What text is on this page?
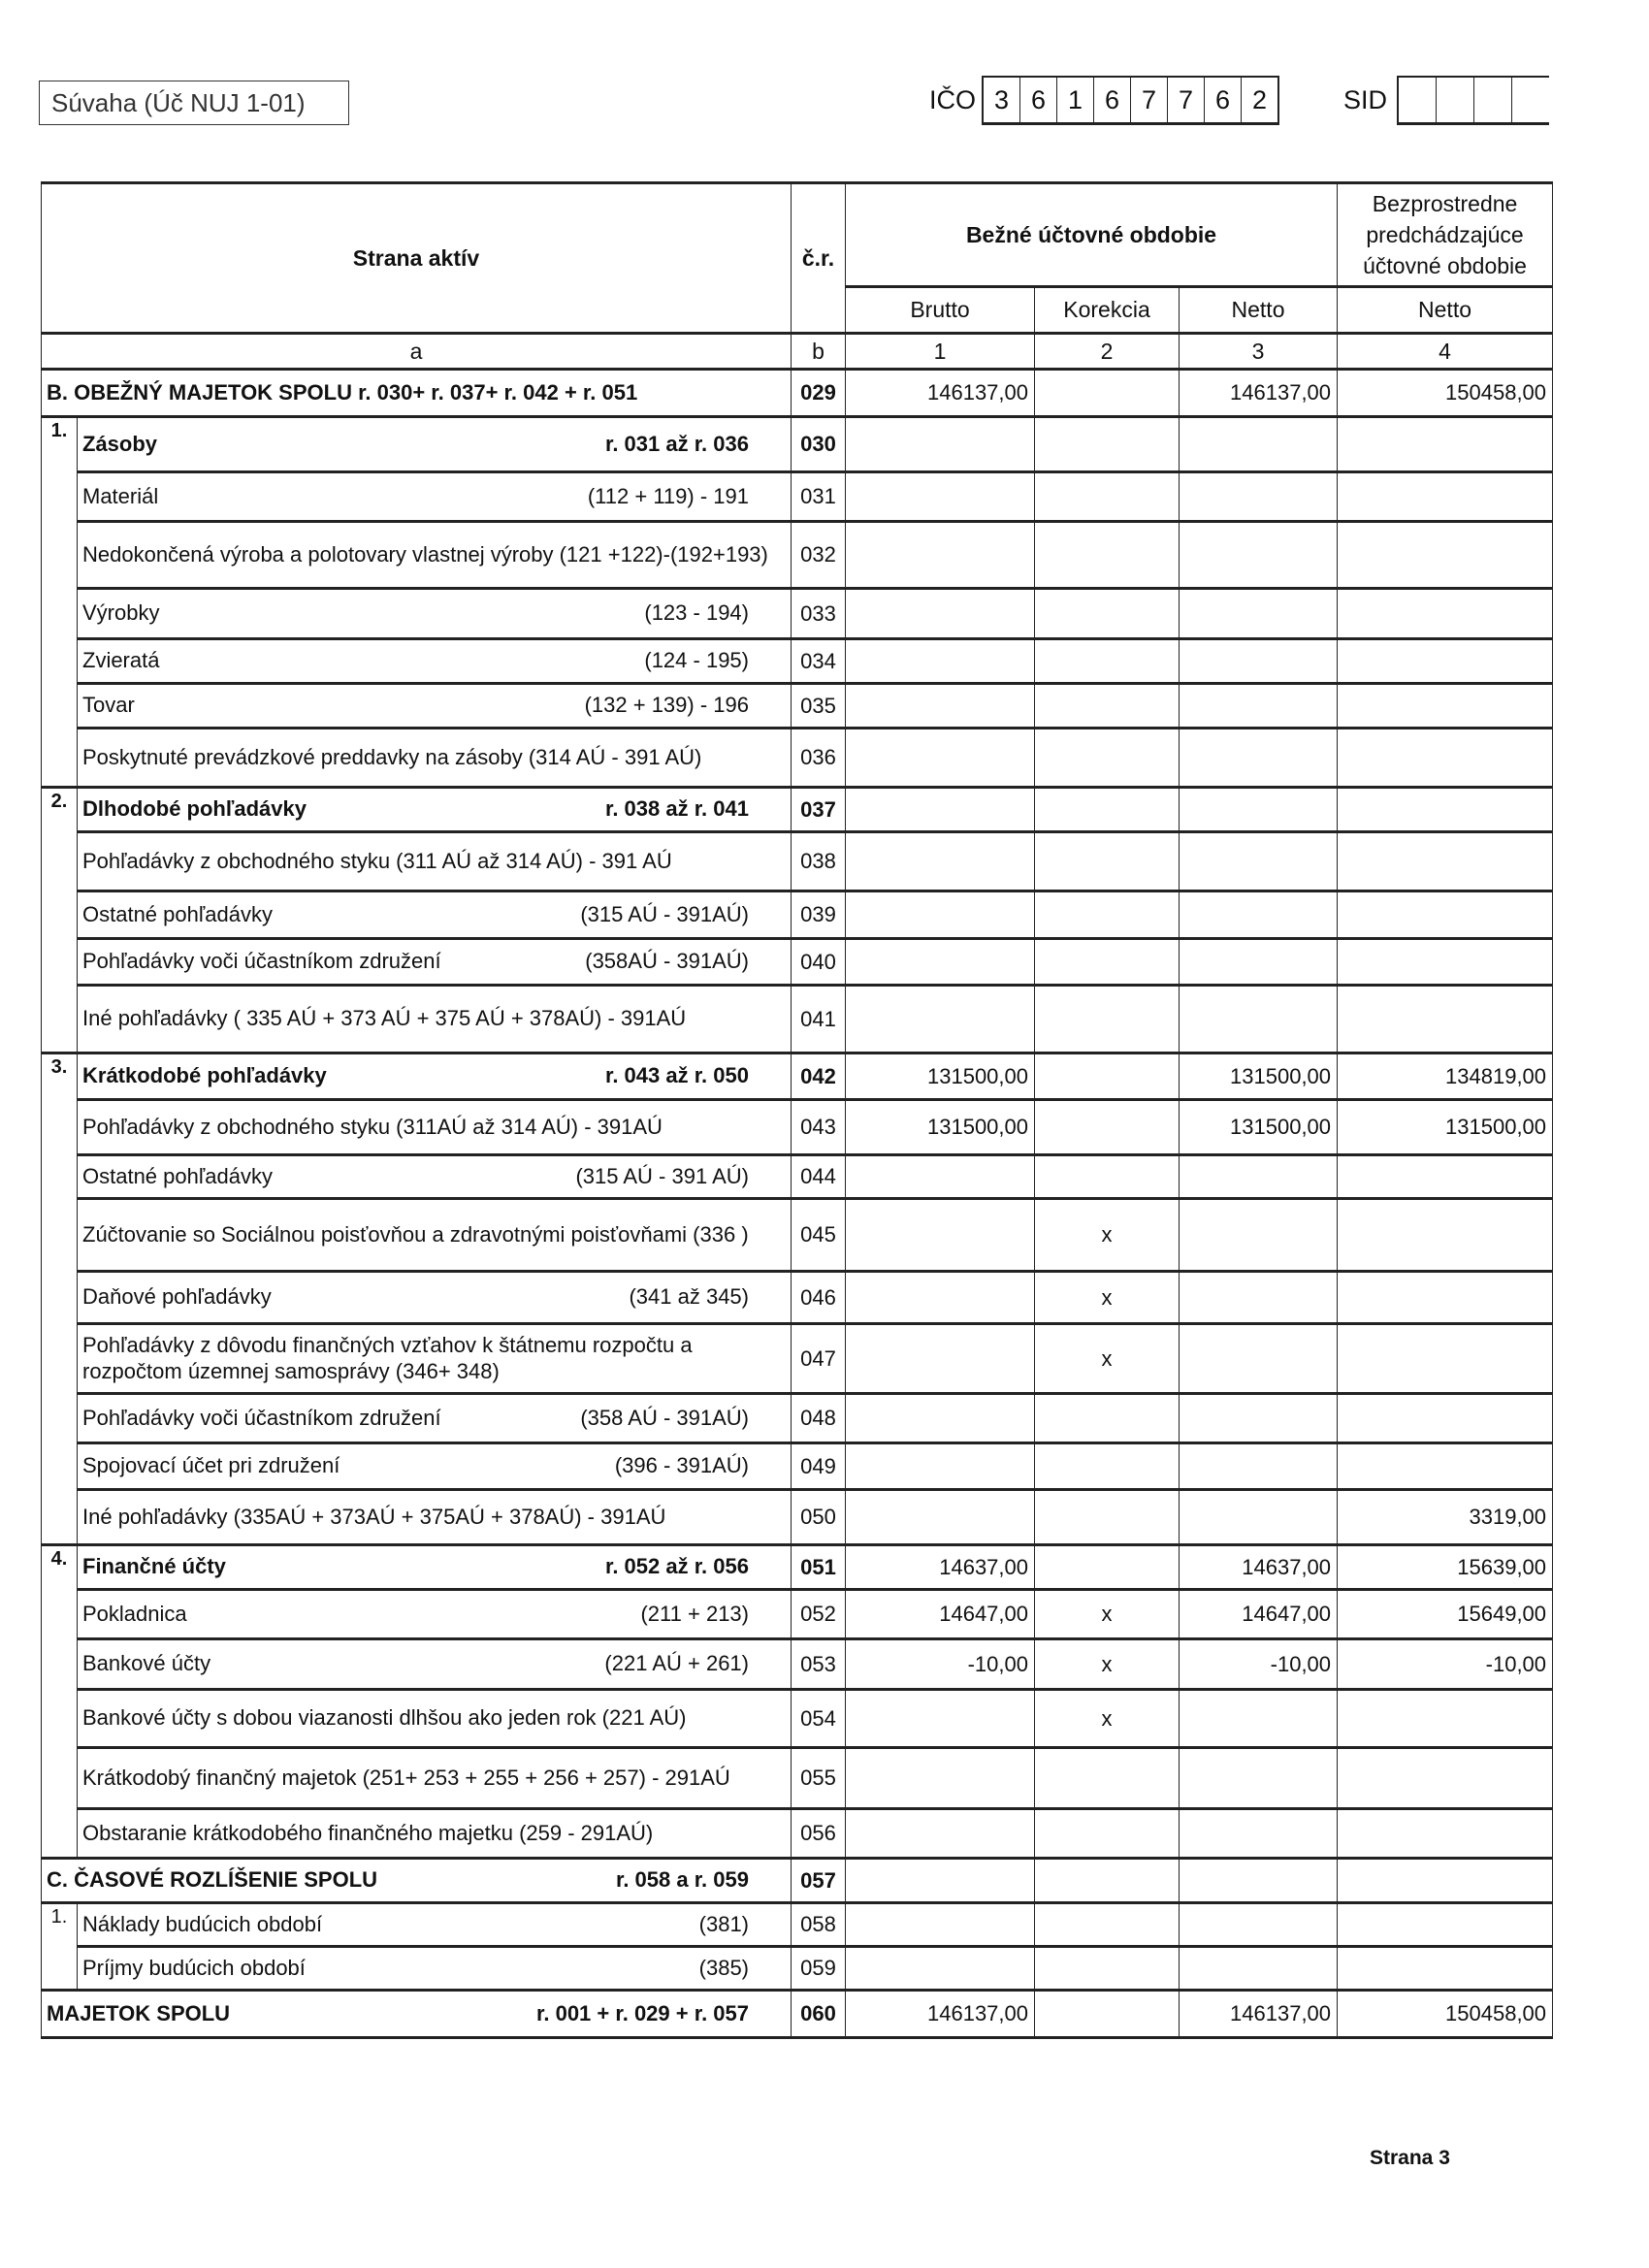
Súvaha (Úč NUJ 1-01)	IČO 3 6 1 6 7 7 6 2	SID
Strana aktív		č.r.	Bežné účtovné obdobie			Bezprostredne predchádzajúce účtovné obdobie
			Brutto	Korekcia	Netto	Netto
a		b	1	2	3	4

B. OBEŽNÝ MAJETOK SPOLU r. 030+ r. 037+ r. 042 + r. 051		029	146137,00		146137,00	150458,00
1.	Zásoby r. 031 až r. 036	030				

	Materiál (112 + 119) - 191	031				

	Nedokončená výroba a polotovary vlastnej výroby (121 +122)-(192+193)	032				

	Výrobky (123 - 194)	033				

	Zvieratá (124 - 195)	034				

	Tovar (132 + 139) - 196	035				

	Poskytnuté prevádzkové preddavky na zásoby (314 AÚ - 391 AÚ)	036				
2.	Dlhodobé pohľadávky r. 038 až r. 041	037				

	Pohľadávky z obchodného styku (311 AÚ až 314 AÚ) - 391 AÚ	038				

	Ostatné pohľadávky (315 AÚ - 391AÚ)	039				

	Pohľadávky voči účastníkom združení (358AÚ - 391AÚ)	040				

	Iné pohľadávky ( 335 AÚ + 373 AÚ + 375 AÚ + 378AÚ) - 391AÚ	041				
3.	Krátkodobé pohľadávky r. 043 až r. 050	042	131500,00		131500,00	134819,00

	Pohľadávky z obchodného styku (311AÚ až 314 AÚ) - 391AÚ	043	131500,00		131500,00	131500,00

	Ostatné pohľadávky (315 AÚ - 391 AÚ)	044				

	Zúčtovanie so Sociálnou poisťovňou a zdravotnými poisťovňami (336 )	045		x		

	Daňové pohľadávky (341 až 345)	046		x		

	Pohľadávky z dôvodu finančných vzťahov k štátnemu rozpočtu a rozpočtom územnej samosprávy (346+ 348)	047		x		

	Pohľadávky voči účastníkom združení (358 AÚ - 391AÚ)	048				

	Spojovací účet pri združení (396 - 391AÚ)	049				

	Iné pohľadávky (335AÚ + 373AÚ + 375AÚ + 378AÚ) - 391AÚ	050				3319,00
4.	Finančné účty r. 052 až r. 056	051	14637,00		14637,00	15639,00

	Pokladnica (211 + 213)	052	14647,00	x	14647,00	15649,00

	Bankové účty (221 AÚ + 261)	053	-10,00	x	-10,00	-10,00

	Bankové účty s dobou viazanosti dlhšou ako jeden rok (221 AÚ)	054		x		

	Krátkodobý finančný majetok (251+ 253 + 255 + 256 + 257) - 291AÚ	055				

	Obstaranie krátkodobého finančného majetku (259 - 291AÚ)	056				

C. ČASOVÉ ROZLÍŠENIE SPOLU r. 058 a r. 059		057				
1.	Náklady budúcich období (381)	058				

	Príjmy budúcich období (385)	059				

MAJETOK SPOLU r. 001 + r. 029 + r. 057		060	146137,00		146137,00	150458,00
Strana 3
